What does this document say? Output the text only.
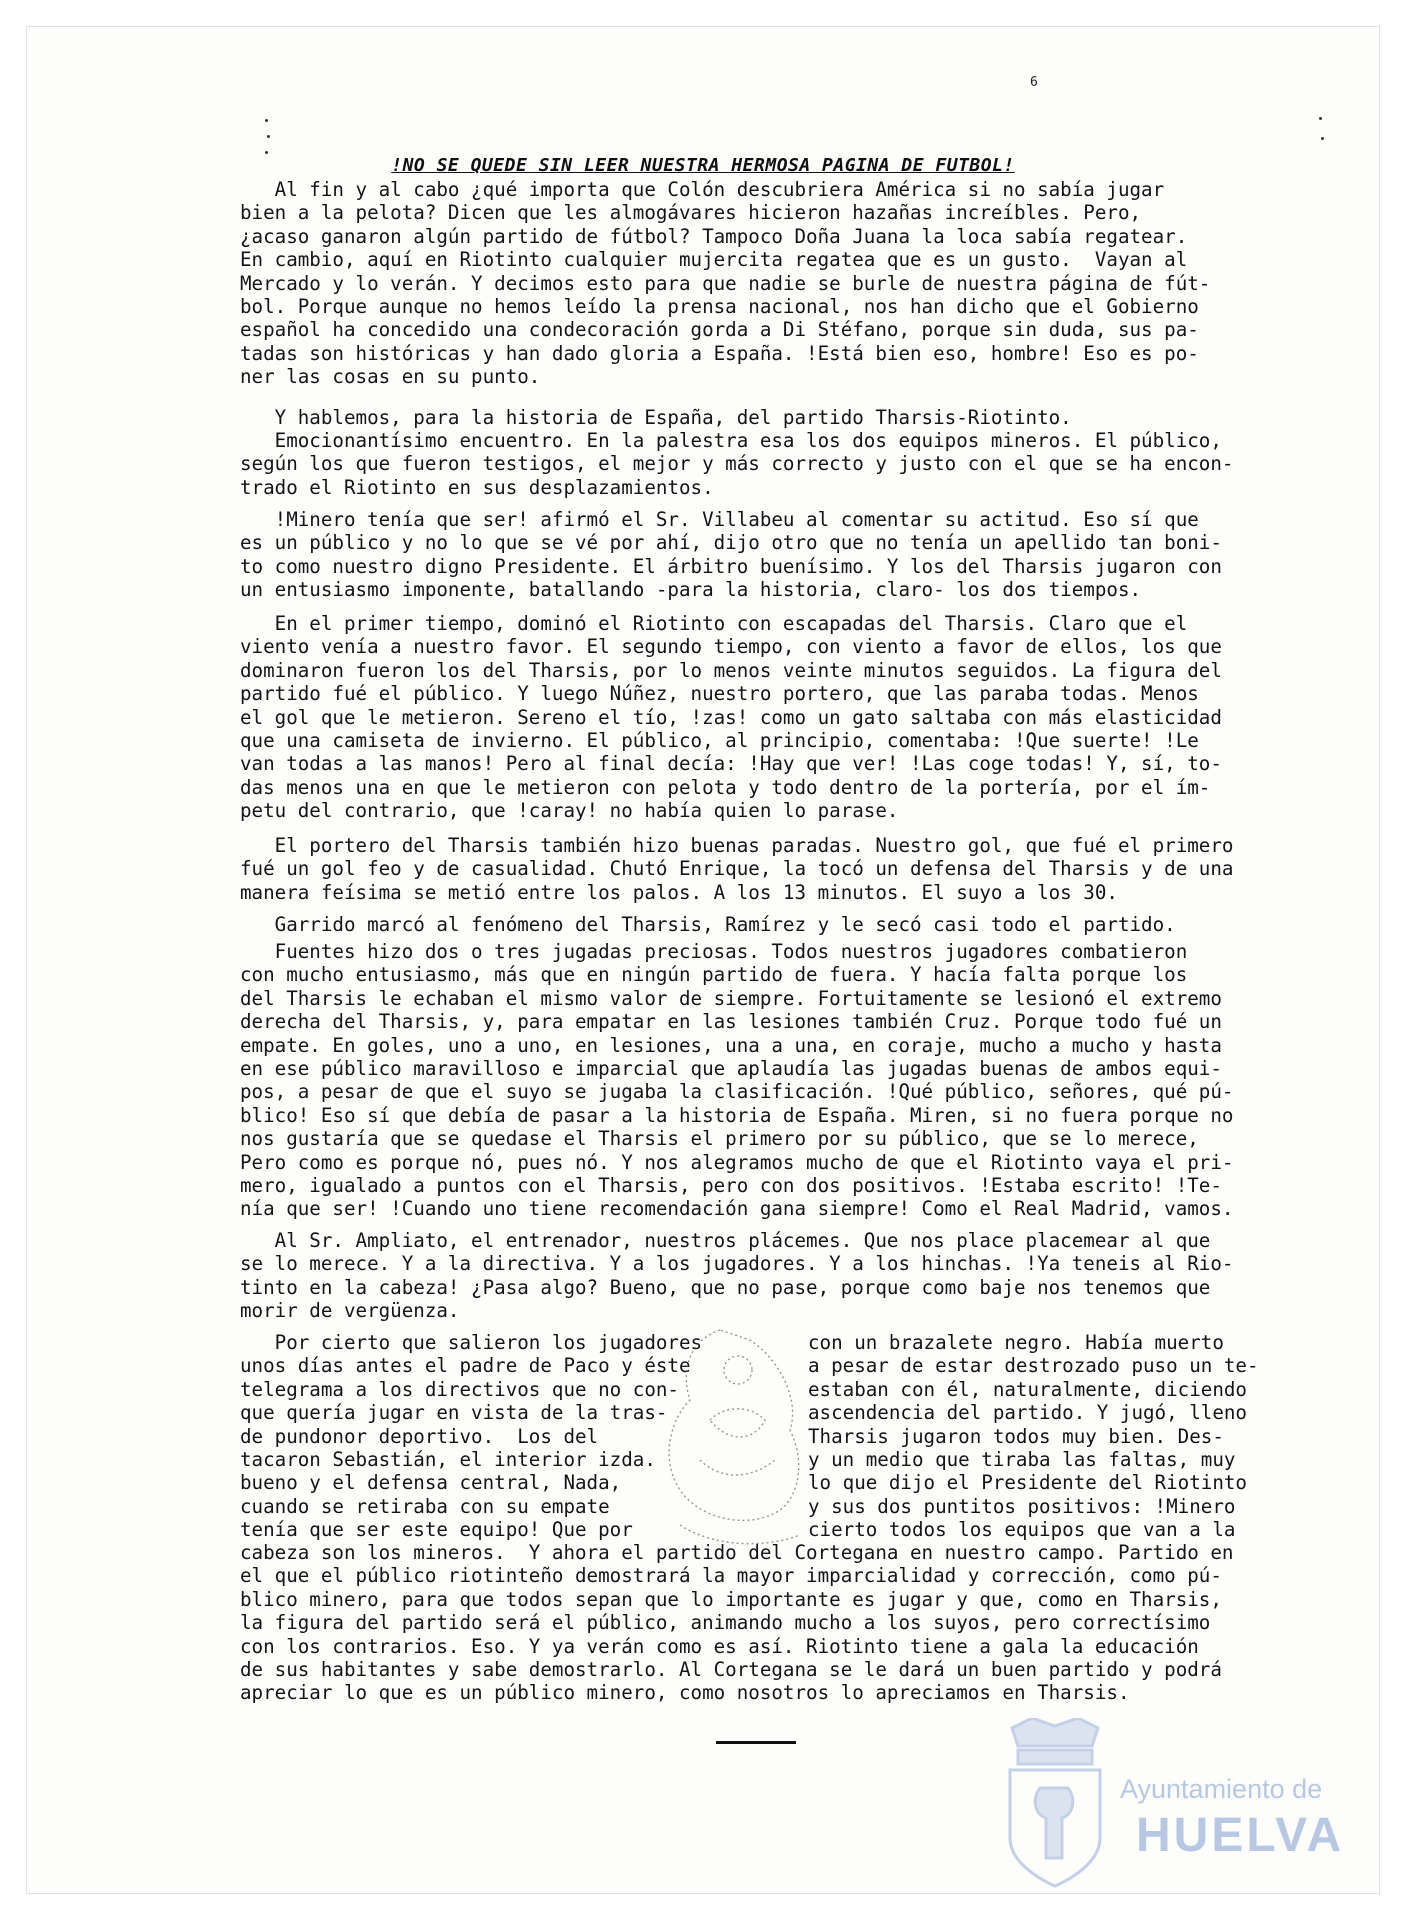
6
!NO SE QUEDE SIN LEER NUESTRA HERMOSA PAGINA DE FUTBOL!
Al fin y al cabo ¿qué importa que Colón descubriera América si no sabía jugar
bien a la pelota? Dicen que les almogávares hicieron hazañas increíbles. Pero,
¿acaso ganaron algún partido de fútbol? Tampoco Doña Juana la loca sabía regatear.
En cambio, aquí en Riotinto cualquier mujercita regatea que es un gusto.  Vayan al
Mercado y lo verán. Y decimos esto para que nadie se burle de nuestra página de fút-
bol. Porque aunque no hemos leído la prensa nacional, nos han dicho que el Gobierno
español ha concedido una condecoración gorda a Di Stéfano, porque sin duda, sus pa-
tadas son históricas y han dado gloria a España. !Está bien eso, hombre! Eso es po-
ner las cosas en su punto.
Y hablemos, para la historia de España, del partido Tharsis-Riotinto.
Emocionantísimo encuentro. En la palestra esa los dos equipos mineros. El público,
según los que fueron testigos, el mejor y más correcto y justo con el que se ha encon-
trado el Riotinto en sus desplazamientos.
!Minero tenía que ser! afirmó el Sr. Villabeu al comentar su actitud. Eso sí que
es un público y no lo que se vé por ahí, dijo otro que no tenía un apellido tan boni-
to como nuestro digno Presidente. El árbitro buenísimo. Y los del Tharsis jugaron con
un entusiasmo imponente, batallando -para la historia, claro- los dos tiempos.
En el primer tiempo, dominó el Riotinto con escapadas del Tharsis. Claro que el
viento venía a nuestro favor. El segundo tiempo, con viento a favor de ellos, los que
dominaron fueron los del Tharsis, por lo menos veinte minutos seguidos. La figura del
partido fué el público. Y luego Núñez, nuestro portero, que las paraba todas. Menos
el gol que le metieron. Sereno el tío, !zas! como un gato saltaba con más elasticidad
que una camiseta de invierno. El público, al principio, comentaba: !Que suerte! !Le
van todas a las manos! Pero al final decía: !Hay que ver! !Las coge todas! Y, sí, to-
das menos una en que le metieron con pelota y todo dentro de la portería, por el ím-
petu del contrario, que !caray! no había quien lo parase.
El portero del Tharsis también hizo buenas paradas. Nuestro gol, que fué el primero
fué un gol feo y de casualidad. Chutó Enrique, la tocó un defensa del Tharsis y de una
manera feísima se metió entre los palos. A los 13 minutos. El suyo a los 30.
Garrido marcó al fenómeno del Tharsis, Ramírez y le secó casi todo el partido.
Fuentes hizo dos o tres jugadas preciosas. Todos nuestros jugadores combatieron
con mucho entusiasmo, más que en ningún partido de fuera. Y hacía falta porque los
del Tharsis le echaban el mismo valor de siempre. Fortuitamente se lesionó el extremo
derecha del Tharsis, y, para empatar en las lesiones también Cruz. Porque todo fué un
empate. En goles, uno a uno, en lesiones, una a una, en coraje, mucho a mucho y hasta
en ese público maravilloso e imparcial que aplaudía las jugadas buenas de ambos equi-
pos, a pesar de que el suyo se jugaba la clasificación. !Qué público, señores, qué pú-
blico! Eso sí que debía de pasar a la historia de España. Miren, si no fuera porque no
nos gustaría que se quedase el Tharsis el primero por su público, que se lo merece,
Pero como es porque nó, pues nó. Y nos alegramos mucho de que el Riotinto vaya el pri-
mero, igualado a puntos con el Tharsis, pero con dos positivos. !Estaba escrito! !Te-
nía que ser! !Cuando uno tiene recomendación gana siempre! Como el Real Madrid, vamos.
Al Sr. Ampliato, el entrenador, nuestros plácemes. Que nos place placemear al que
se lo merece. Y a la directiva. Y a los jugadores. Y a los hinchas. !Ya teneis al Rio-
tinto en la cabeza! ¿Pasa algo? Bueno, que no pase, porque como baje nos tenemos que
morir de vergüenza.
Por cierto que salieron los jugadores
unos días antes el padre de Paco y éste
telegrama a los directivos que no con-
que quería jugar en vista de la tras-
de pundonor deportivo.  Los del
tacaron Sebastián, el interior izda.
bueno y el defensa central, Nada,
cuando se retiraba con su empate
tenía que ser este equipo! Que por
con un brazalete negro. Había muerto
a pesar de estar destrozado puso un te-
estaban con él, naturalmente, diciendo
ascendencia del partido. Y jugó, lleno
Tharsis jugaron todos muy bien. Des-
y un medio que tiraba las faltas, muy
lo que dijo el Presidente del Riotinto
y sus dos puntitos positivos: !Minero
cierto todos los equipos que van a la
cabeza son los mineros.  Y ahora el partido del Cortegana en nuestro campo. Partido en
el que el público riotinteño demostrará la mayor imparcialidad y corrección, como pú-
blico minero, para que todos sepan que lo importante es jugar y que, como en Tharsis,
la figura del partido será el público, animando mucho a los suyos, pero correctísimo
con los contrarios. Eso. Y ya verán como es así. Riotinto tiene a gala la educación
de sus habitantes y sabe demostrarlo. Al Cortegana se le dará un buen partido y podrá
apreciar lo que es un público minero, como nosotros lo apreciamos en Tharsis.
Ayuntamiento de
HUELVA
